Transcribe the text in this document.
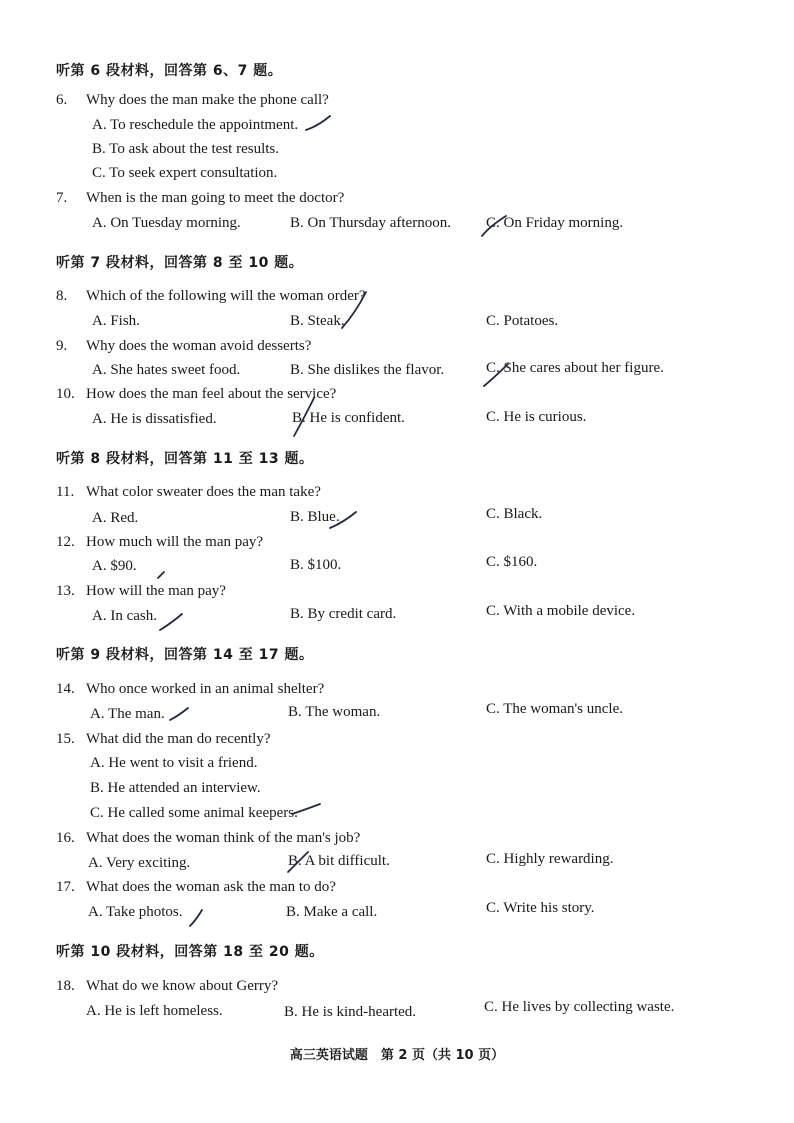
听第 6 段材料，回答第 6、7 题。
6. Why does the man make the phone call?
A. To reschedule the appointment.
B. To ask about the test results.
C. To seek expert consultation.
7. When is the man going to meet the doctor?
A. On Tuesday morning.	B. On Thursday afternoon. C. On Friday morning.
听第 7 段材料，回答第 8 至 10 题。
8. Which of the following will the woman order?
A. Fish.	B. Steak.	C. Potatoes.
9. Why does the woman avoid desserts?
A. She hates sweet food.	B. She dislikes the flavor.	C. She cares about her figure.
10. How does the man feel about the service?
A. He is dissatisfied.	B. He is confident.	C. He is curious.
听第 8 段材料，回答第 11 至 13 题。
11. What color sweater does the man take?
A. Red.	B. Blue.	C. Black.
12. How much will the man pay?
A. $90.	B. $100.	C. $160.
13. How will the man pay?
A. In cash.	B. By credit card.	C. With a mobile device.
听第 9 段材料，回答第 14 至 17 题。
14. Who once worked in an animal shelter?
A. The man.	B. The woman.	C. The woman's uncle.
15. What did the man do recently?
A. He went to visit a friend.
B. He attended an interview.
C. He called some animal keepers.
16. What does the woman think of the man's job?
A. Very exciting.	B. A bit difficult.	C. Highly rewarding.
17. What does the woman ask the man to do?
A. Take photos.	B. Make a call.	C. Write his story.
听第 10 段材料，回答第 18 至 20 题。
18. What do we know about Gerry?
A. He is left homeless.	B. He is kind-hearted.	C. He lives by collecting waste.
高三英语试题　第 2 页（共 10 页）
